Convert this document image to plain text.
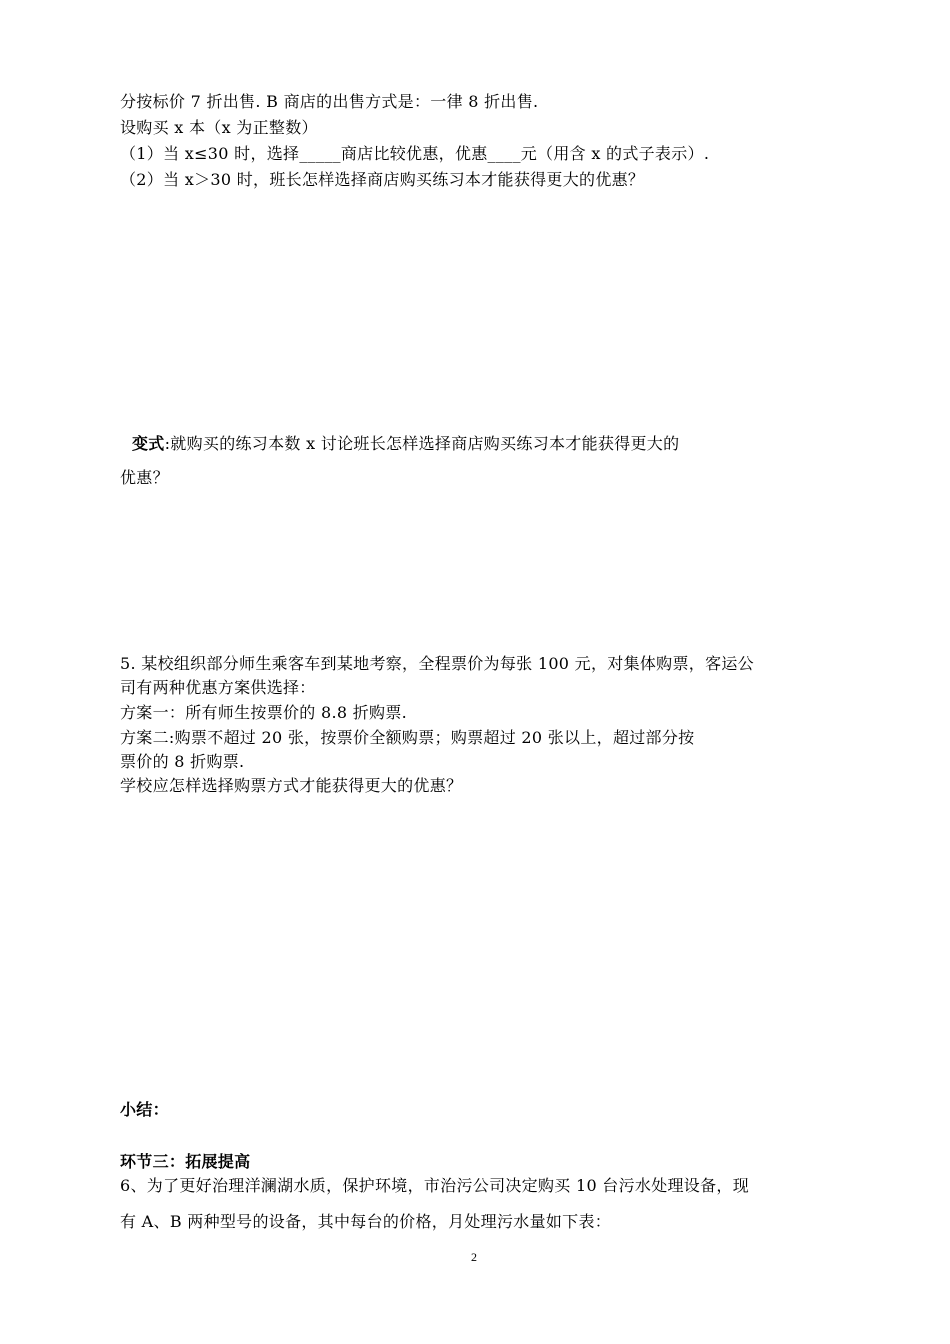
分按标价 7 折出售. B 商店的出售方式是：一律 8 折出售.
设购买 x 本（x 为正整数）
（1）当 x≤30 时，选择_____商店比较优惠，优惠____元（用含 x 的式子表示）.
（2）当 x＞30 时，班长怎样选择商店购买练习本才能获得更大的优惠？
变式:就购买的练习本数 x 讨论班长怎样选择商店购买练习本才能获得更大的
优惠？
5. 某校组织部分师生乘客车到某地考察，全程票价为每张 100 元，对集体购票，客运公
司有两种优惠方案供选择：
方案一：所有师生按票价的 8.8 折购票.
方案二:购票不超过 20 张，按票价全额购票；购票超过 20 张以上，超过部分按
票价的 8 折购票.
学校应怎样选择购票方式才能获得更大的优惠？
小结：
环节三：拓展提高
6、为了更好治理洋澜湖水质，保护环境，市治污公司决定购买 10 台污水处理设备，现
有 A、B 两种型号的设备，其中每台的价格，月处理污水量如下表：
2
